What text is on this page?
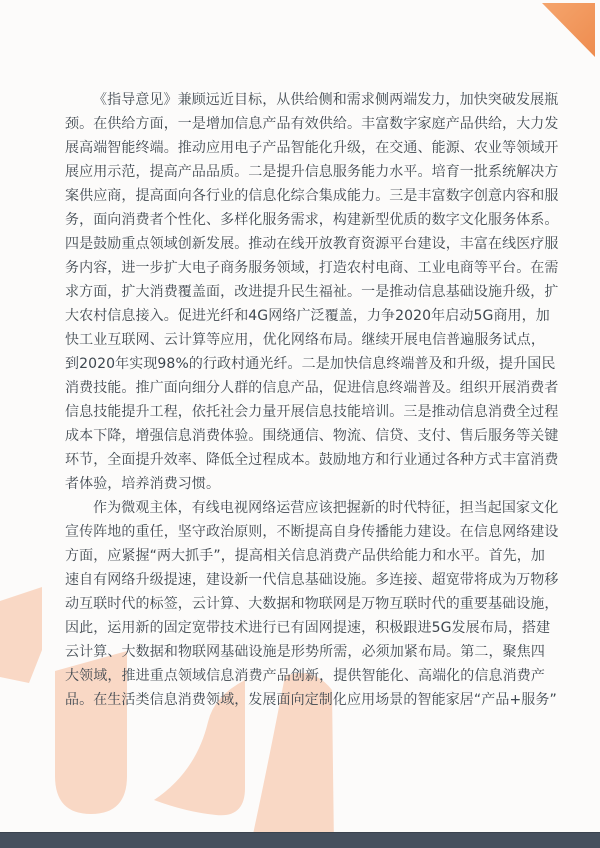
《指导意见》兼顾远近目标，从供给侧和需求侧两端发力，加快突破发展瓶
颈。在供给方面，一是增加信息产品有效供给。丰富数字家庭产品供给，大力发
展高端智能终端。推动应用电子产品智能化升级，在交通、能源、农业等领域开
展应用示范，提高产品品质。二是提升信息服务能力水平。培育一批系统解决方
案供应商，提高面向各行业的信息化综合集成能力。三是丰富数字创意内容和服
务，面向消费者个性化、多样化服务需求，构建新型优质的数字文化服务体系。
四是鼓励重点领域创新发展。推动在线开放教育资源平台建设，丰富在线医疗服
务内容，进一步扩大电子商务服务领域，打造农村电商、工业电商等平台。在需
求方面，扩大消费覆盖面，改进提升民生福祉。一是推动信息基础设施升级，扩
大农村信息接入。促进光纤和4G网络广泛覆盖，力争2020年启动5G商用，加
快工业互联网、云计算等应用，优化网络布局。继续开展电信普遍服务试点，
到2020年实现98%的行政村通光纤。二是加快信息终端普及和升级，提升国民
消费技能。推广面向细分人群的信息产品，促进信息终端普及。组织开展消费者
信息技能提升工程，依托社会力量开展信息技能培训。三是推动信息消费全过程
成本下降，增强信息消费体验。围绕通信、物流、信贷、支付、售后服务等关键
环节，全面提升效率、降低全过程成本。鼓励地方和行业通过各种方式丰富消费
者体验，培养消费习惯。
作为微观主体，有线电视网络运营应该把握新的时代特征，担当起国家文化
宣传阵地的重任，坚守政治原则，不断提高自身传播能力建设。在信息网络建设
方面，应紧握“两大抓手”，提高相关信息消费产品供给能力和水平。首先，加
速自有网络升级提速，建设新一代信息基础设施。多连接、超宽带将成为万物移
动互联时代的标签，云计算、大数据和物联网是万物互联时代的重要基础设施，
因此，运用新的固定宽带技术进行已有固网提速，积极跟进5G发展布局，搭建
云计算、大数据和物联网基础设施是形势所需，必须加紧布局。第二，聚焦四
大领域，推进重点领域信息消费产品创新，提供智能化、高端化的信息消费产
品。在生活类信息消费领域，发展面向定制化应用场景的智能家居“产品+服务”
